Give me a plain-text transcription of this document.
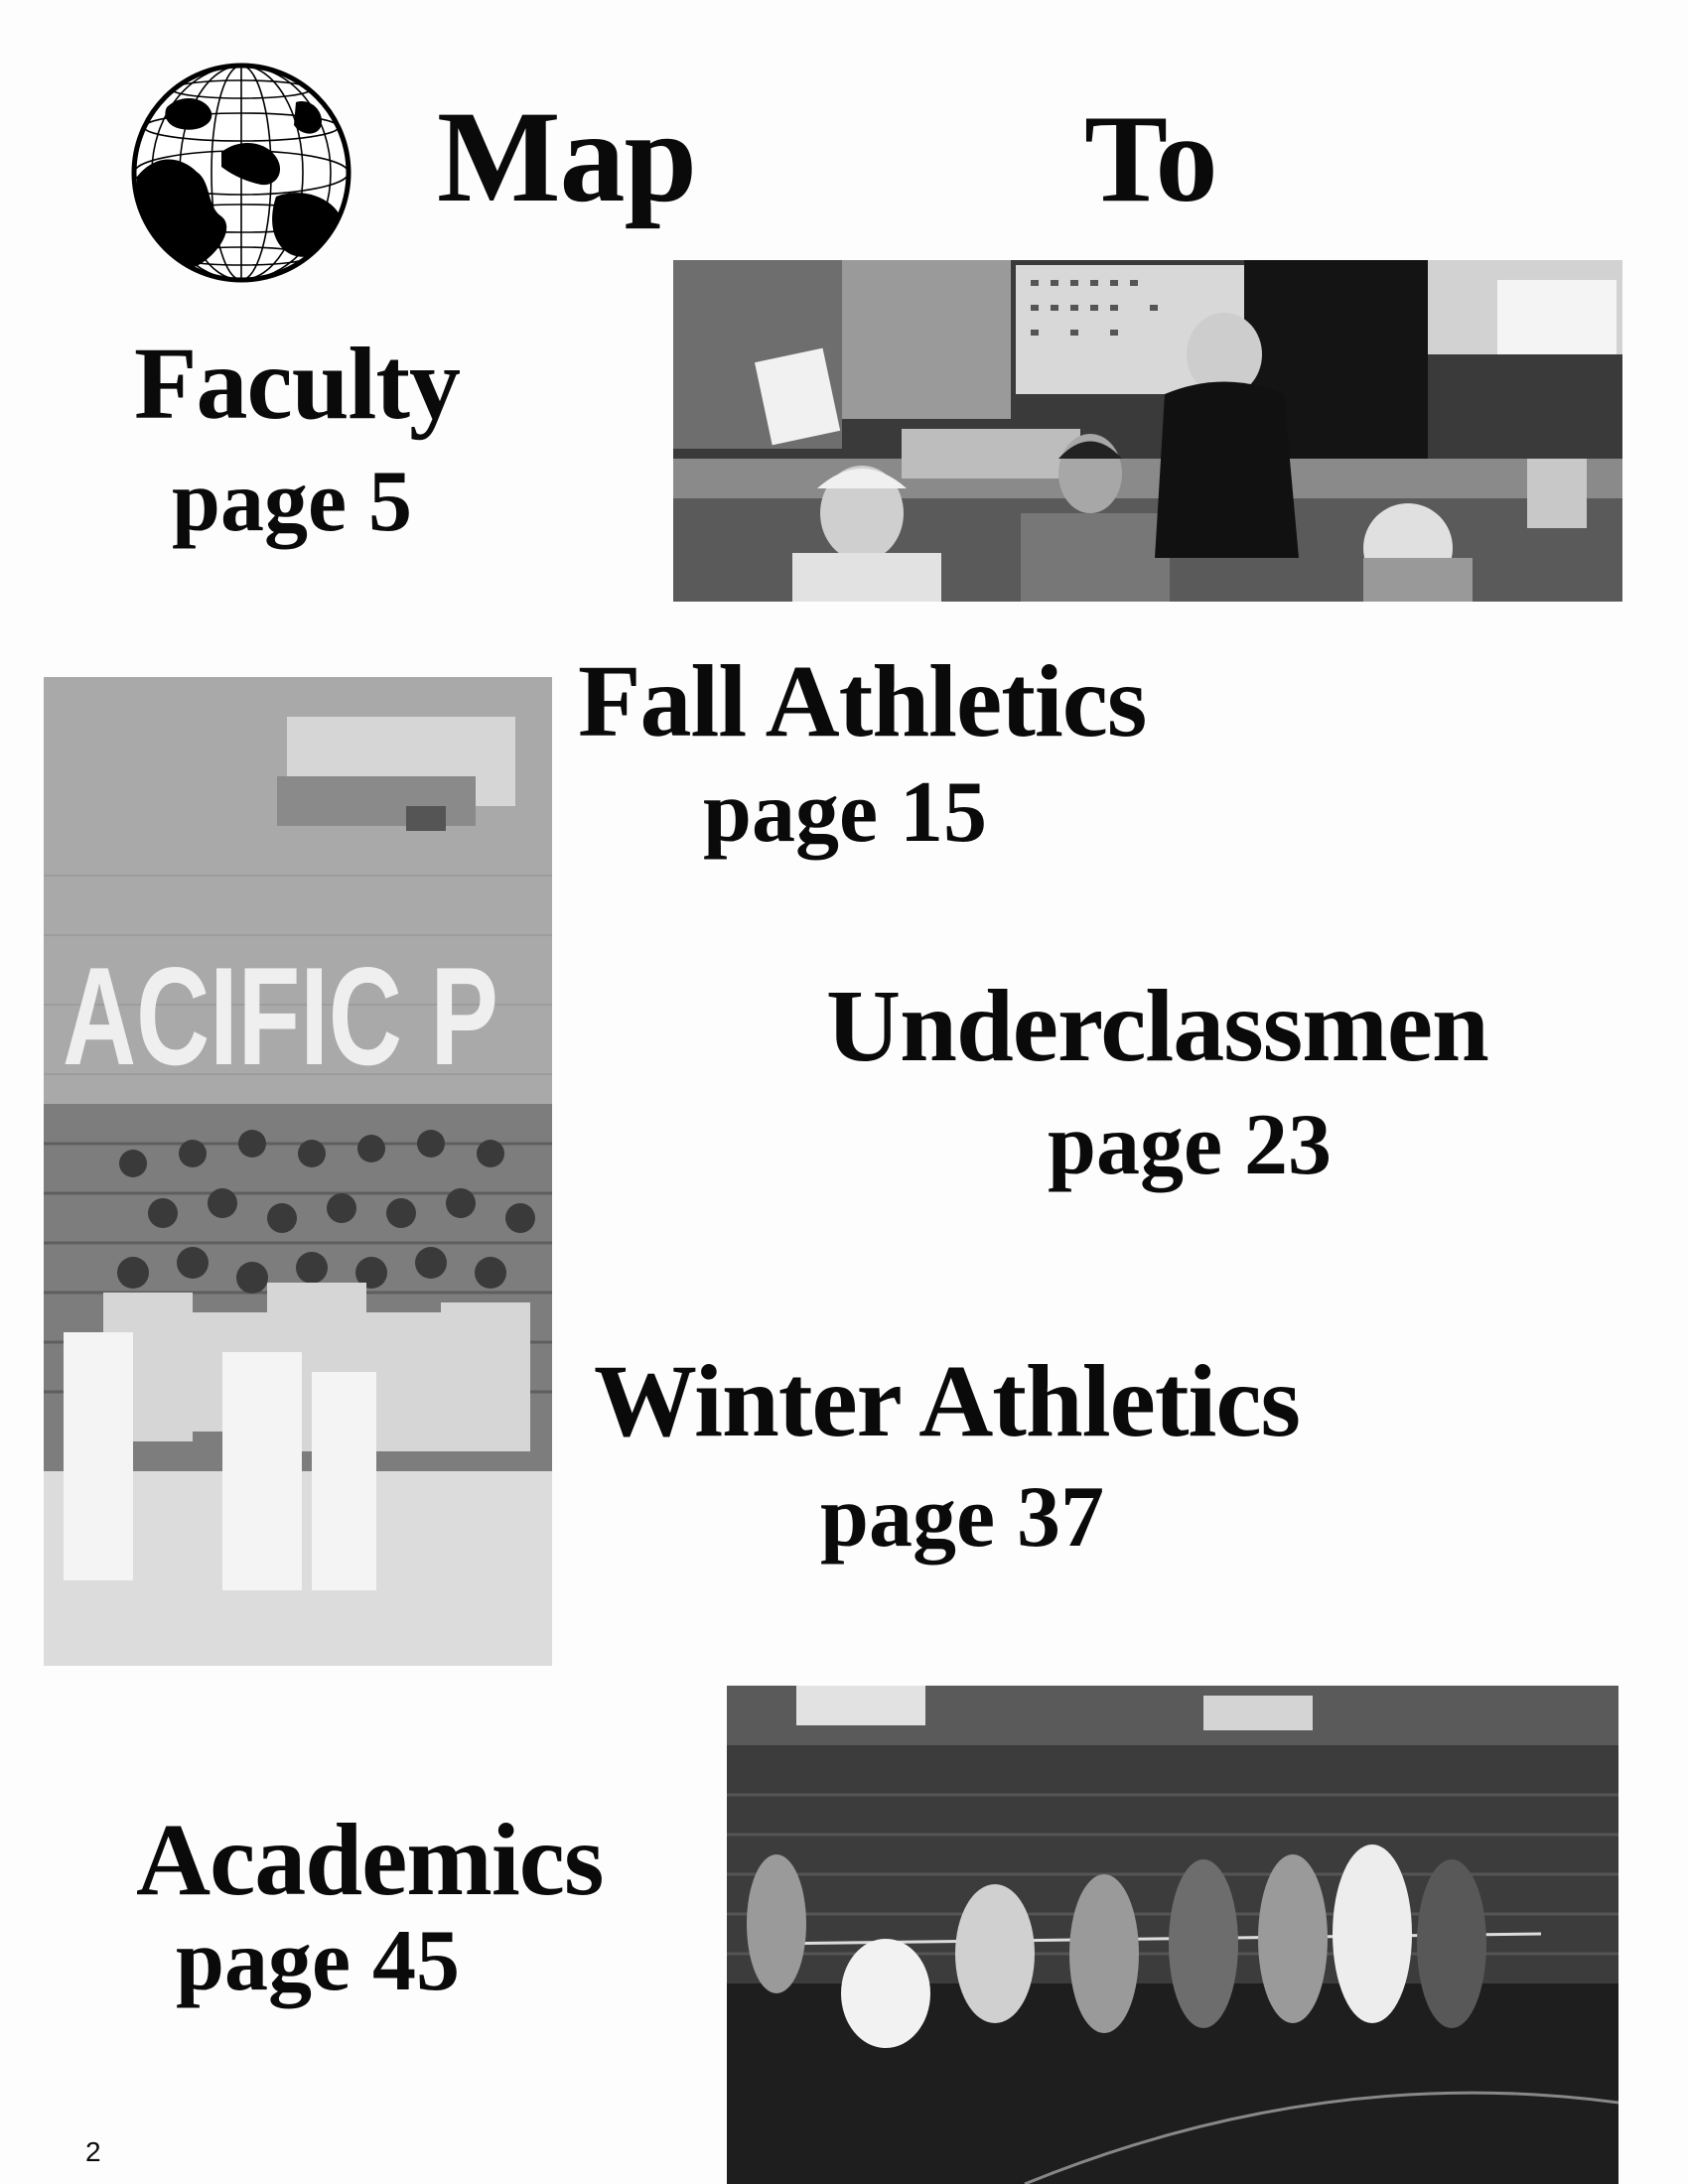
Map	To
Faculty
page 5
ACIFIC P
Fall Athletics
page 15
Underclassmen
page 23
Winter Athletics
page 37
Academics
page 45
2
